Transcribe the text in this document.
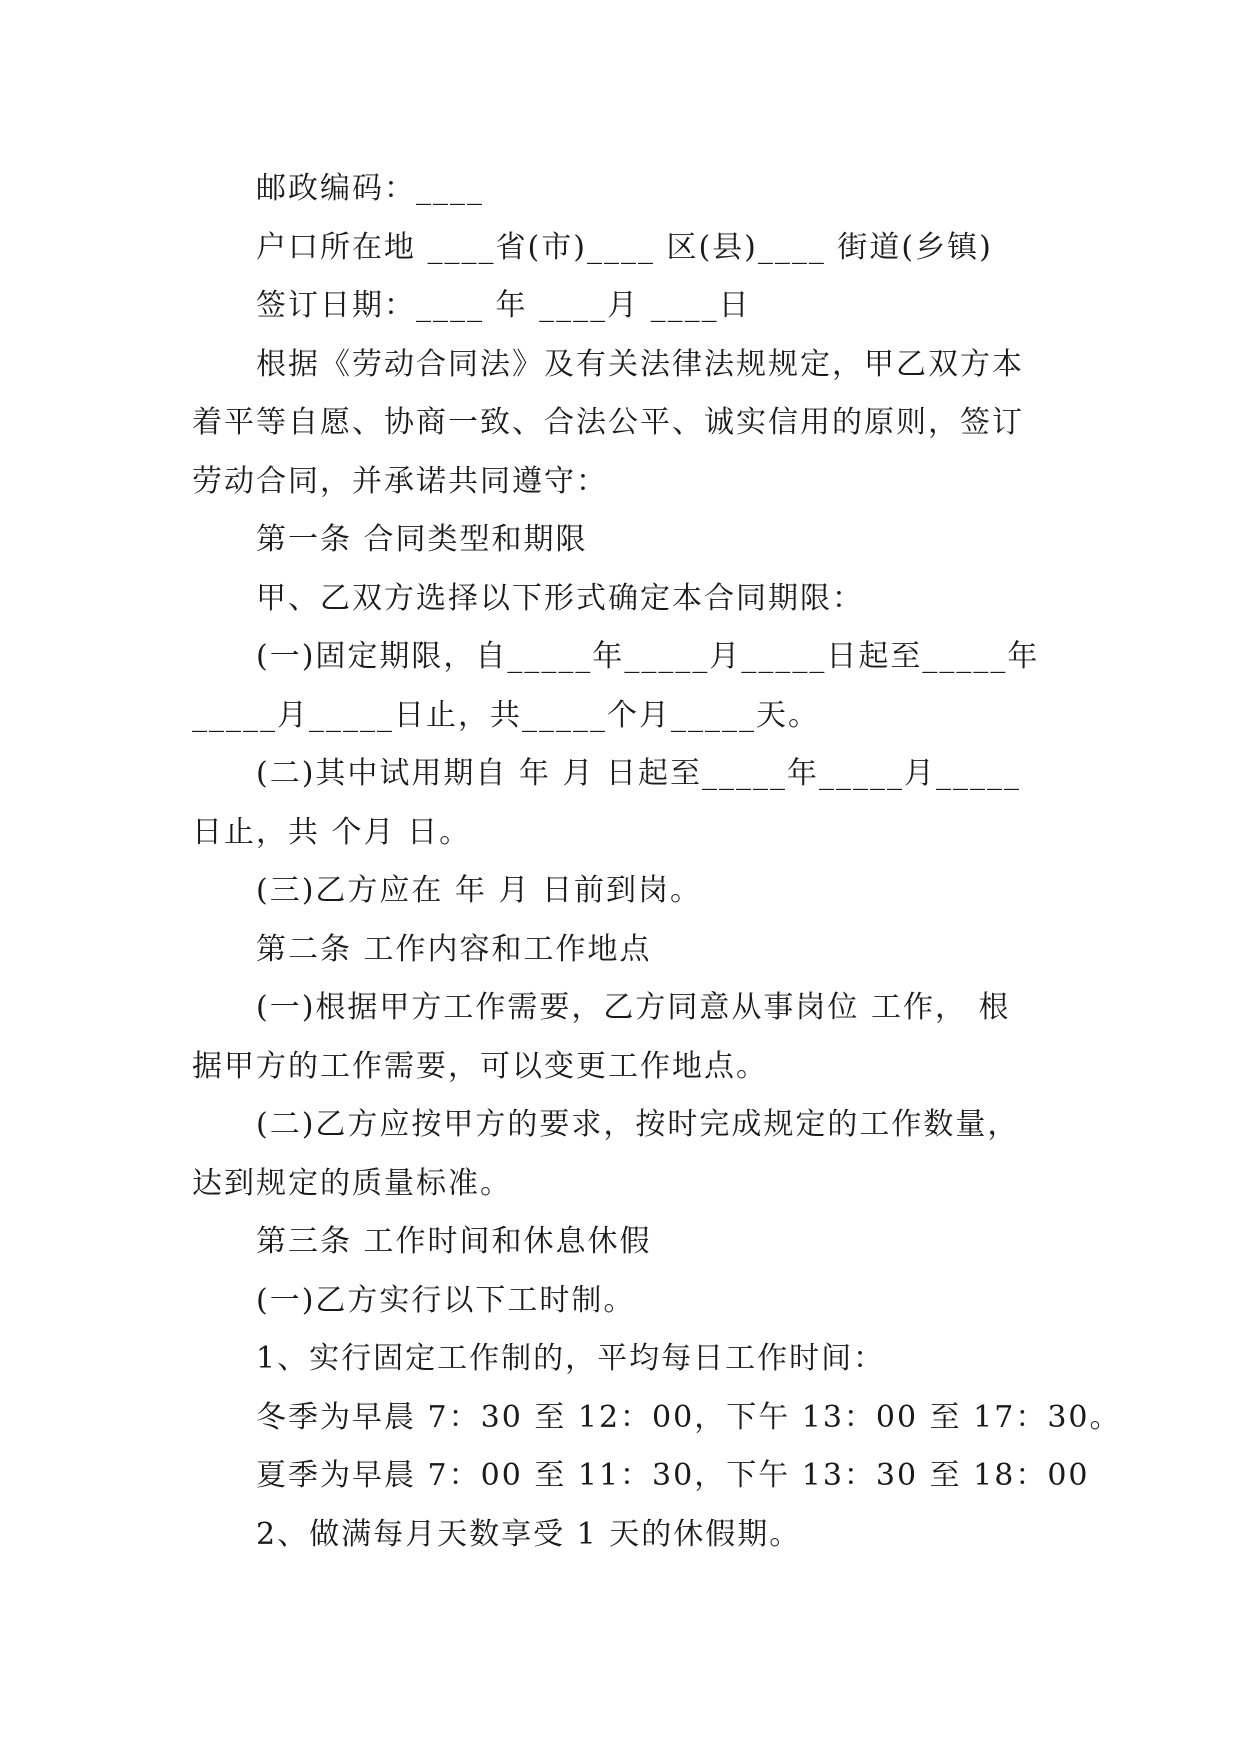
邮政编码：____
户口所在地 ____省(市)____ 区(县)____ 街道(乡镇)
签订日期：____ 年 ____月 ____日
根据《劳动合同法》及有关法律法规规定，甲乙双方本
着平等自愿、协商一致、合法公平、诚实信用的原则，签订
劳动合同，并承诺共同遵守：
第一条 合同类型和期限
甲、乙双方选择以下形式确定本合同期限：
(一)固定期限，自_____年_____月_____日起至_____年
_____月_____日止，共_____个月_____天。
(二)其中试用期自 年 月 日起至_____年_____月_____
日止，共 个月 日。
(三)乙方应在 年 月 日前到岗。
第二条 工作内容和工作地点
(一)根据甲方工作需要，乙方同意从事岗位 工作， 根
据甲方的工作需要，可以变更工作地点。
(二)乙方应按甲方的要求，按时完成规定的工作数量，
达到规定的质量标准。
第三条 工作时间和休息休假
(一)乙方实行以下工时制。
1、实行固定工作制的，平均每日工作时间：
冬季为早晨 7：30 至 12：00，下午 13：00 至 17：30。
夏季为早晨 7：00 至 11：30，下午 13：30 至 18：00
2、做满每月天数享受 1 天的休假期。
